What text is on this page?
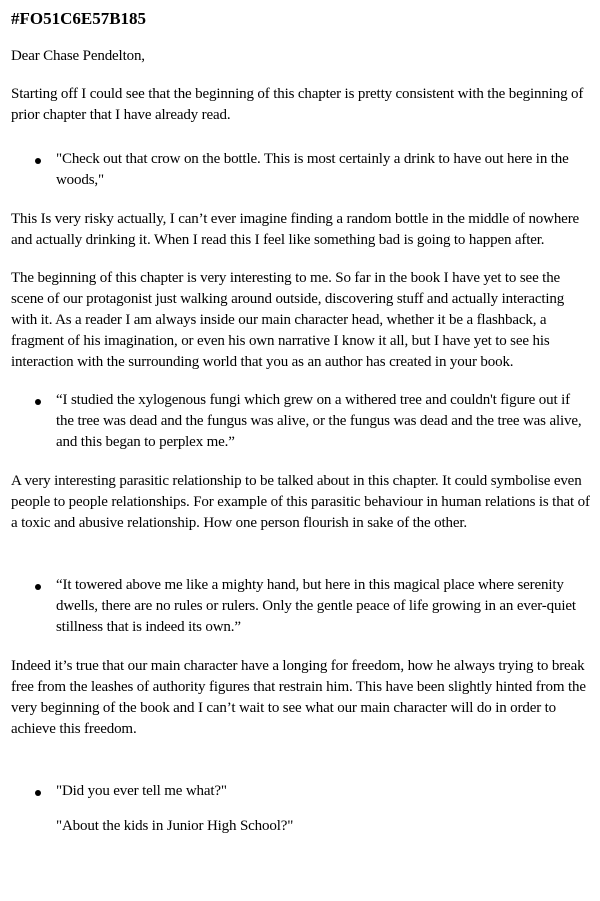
#FO51C6E57B185

Dear Chase Pendelton,

Starting off I could see that the beginning of this chapter is pretty consistent with the beginning of prior chapter that I have already read.

"Check out that crow on the bottle. This is most certainly a drink to have out here in the woods,"

This Is very risky actually, I can’t ever imagine finding a random bottle in the middle of nowhere and actually drinking it. When I read this I feel like something bad is going to happen after.

The beginning of this chapter is very interesting to me. So far in the book I have yet to see the scene of our protagonist just walking around outside, discovering stuff and actually interacting with it. As a reader I am always inside our main character head, whether it be a flashback, a fragment of his imagination, or even his own narrative I know it all, but I have yet to see his interaction with the surrounding world that you as an author has created in your book.

“I studied the xylogenous fungi which grew on a withered tree and couldn't figure out if the tree was dead and the fungus was alive, or the fungus was dead and the tree was alive, and this began to perplex me.”

A very interesting parasitic relationship to be talked about in this chapter. It could symbolise even people to people relationships. For example of this parasitic behaviour in human relations is that of a toxic and abusive relationship. How one person flourish in sake of the other.

“It towered above me like a mighty hand, but here in this magical place where serenity dwells, there are no rules or rulers. Only the gentle peace of life growing in an ever-quiet stillness that is indeed its own.”

Indeed it’s true that our main character have a longing for freedom, how he always trying to break free from the leashes of authority figures that restrain him. This have been slightly hinted from the very beginning of the book and I can’t wait to see what our main character will do in order to achieve this freedom.

"Did you ever tell me what?"
"About the kids in Junior High School?"
